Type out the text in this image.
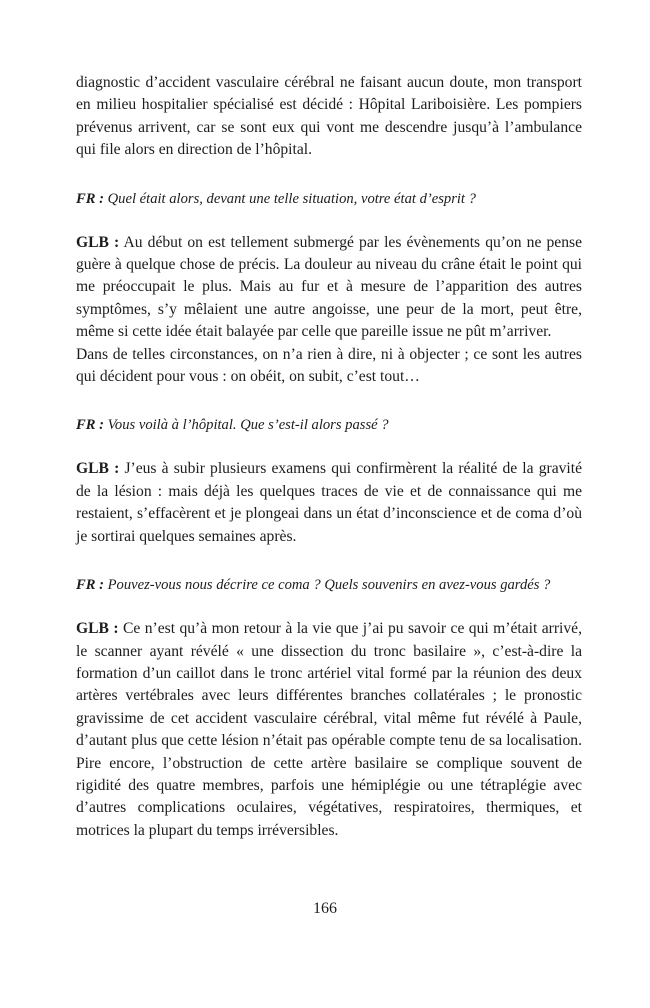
diagnostic d’accident vasculaire cérébral ne faisant aucun doute, mon transport en milieu hospitalier spécialisé est décidé : Hôpital Lariboisière. Les pompiers prévenus arrivent, car se sont eux qui vont me descendre jusqu’à l’ambulance qui file alors en direction de l’hôpital.

FR : Quel était alors, devant une telle situation, votre état d’esprit ?

GLB : Au début on est tellement submergé par les évènements qu’on ne pense guère à quelque chose de précis. La douleur au niveau du crâne était le point qui me préoccupait le plus. Mais au fur et à mesure de l’apparition des autres symptômes, s’y mêlaient une autre angoisse, une peur de la mort, peut être, même si cette idée était balayée par celle que pareille issue ne pût m’arriver.

Dans de telles circonstances, on n’a rien à dire, ni à objecter ; ce sont les autres qui décident pour vous : on obéit, on subit, c’est tout…

FR : Vous voilà à l’hôpital. Que s’est-il alors passé ?

GLB : J’eus à subir plusieurs examens qui confirmèrent la réalité de la gravité de la lésion : mais déjà les quelques traces de vie et de connaissance qui me restaient, s’effacèrent et je plongeai dans un état d’inconscience et de coma d’où je sortirai quelques semaines après.

FR : Pouvez-vous nous décrire ce coma ? Quels souvenirs en avez-vous gardés ?

GLB : Ce n’est qu’à mon retour à la vie que j’ai pu savoir ce qui m’était arrivé, le scanner ayant révélé « une dissection du tronc basilaire », c’est-à-dire la formation d’un caillot dans le tronc artériel vital formé par la réunion des deux artères vertébrales avec leurs différentes branches collatérales ; le pronostic gravissime de cet accident vasculaire cérébral, vital même fut révélé à Paule, d’autant plus que cette lésion n’était pas opérable compte tenu de sa localisation. Pire encore, l’obstruction de cette artère basilaire se complique souvent de rigidité des quatre membres, parfois une hémiplégie ou une tétraplégie avec d’autres complications oculaires, végétatives, respiratoires, thermiques, et motrices la plupart du temps irréversibles.

166
